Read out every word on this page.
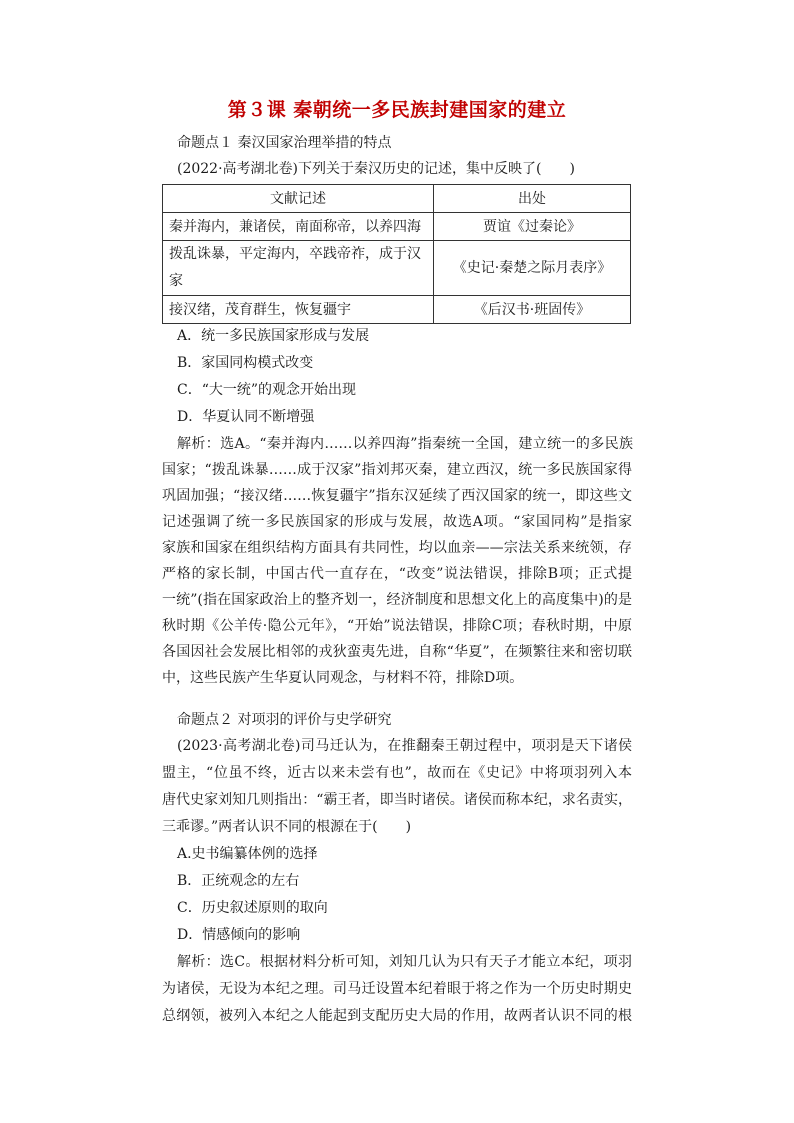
第３课 秦朝统一多民族封建国家的建立
命题点１ 秦汉国家治理举措的特点
(2022·高考湖北卷)下列关于秦汉历史的记述，集中反映了(　　)
文献记述	出处
秦并海内，兼诸侯，南面称帝，以养四海	贾谊《过秦论》

拨乱诛暴，平定海内，卒践帝祚，成于汉
家	《史记·秦楚之际月表序》
接汉绪，茂育群生，恢复疆宇	《后汉书·班固传》
A．统一多民族国家形成与发展
B．家国同构模式改变
C．“大一统”的观念开始出现
D．华夏认同不断增强
解析：选A。“秦并海内……以养四海”指秦统一全国，建立统一的多民族
国家；“拨乱诛暴……成于汉家”指刘邦灭秦，建立西汉，统一多民族国家得
巩固加强；“接汉绪……恢复疆宇”指东汉延续了西汉国家的统一，即这些文
记述强调了统一多民族国家的形成与发展，故选A项。“家国同构”是指家
家族和国家在组织结构方面具有共同性，均以血亲——宗法关系来统领，存
严格的家长制，中国古代一直存在，“改变”说法错误，排除B项；正式提
一统”(指在国家政治上的整齐划一，经济制度和思想文化上的高度集中)的是
秋时期《公羊传·隐公元年》，“开始”说法错误，排除C项；春秋时期，中原
各国因社会发展比相邻的戎狄蛮夷先进，自称“华夏”，在频繁往来和密切联
中，这些民族产生华夏认同观念，与材料不符，排除D项。
命题点２ 对项羽的评价与史学研究
(2023·高考湖北卷)司马迁认为，在推翻秦王朝过程中，项羽是天下诸侯
盟主，“位虽不终，近古以来未尝有也”，故而在《史记》中将项羽列入本
唐代史家刘知几则指出：“霸王者，即当时诸侯。诸侯而称本纪，求名责实，
三乖谬。”两者认识不同的根源在于(　　)
A.史书编纂体例的选择
B．正统观念的左右
C．历史叙述原则的取向
D．情感倾向的影响
解析：选C。根据材料分析可知，刘知几认为只有天子才能立本纪，项羽
为诸侯，无设为本纪之理。司马迁设置本纪着眼于将之作为一个历史时期史
总纲领，被列入本纪之人能起到支配历史大局的作用，故两者认识不同的根
